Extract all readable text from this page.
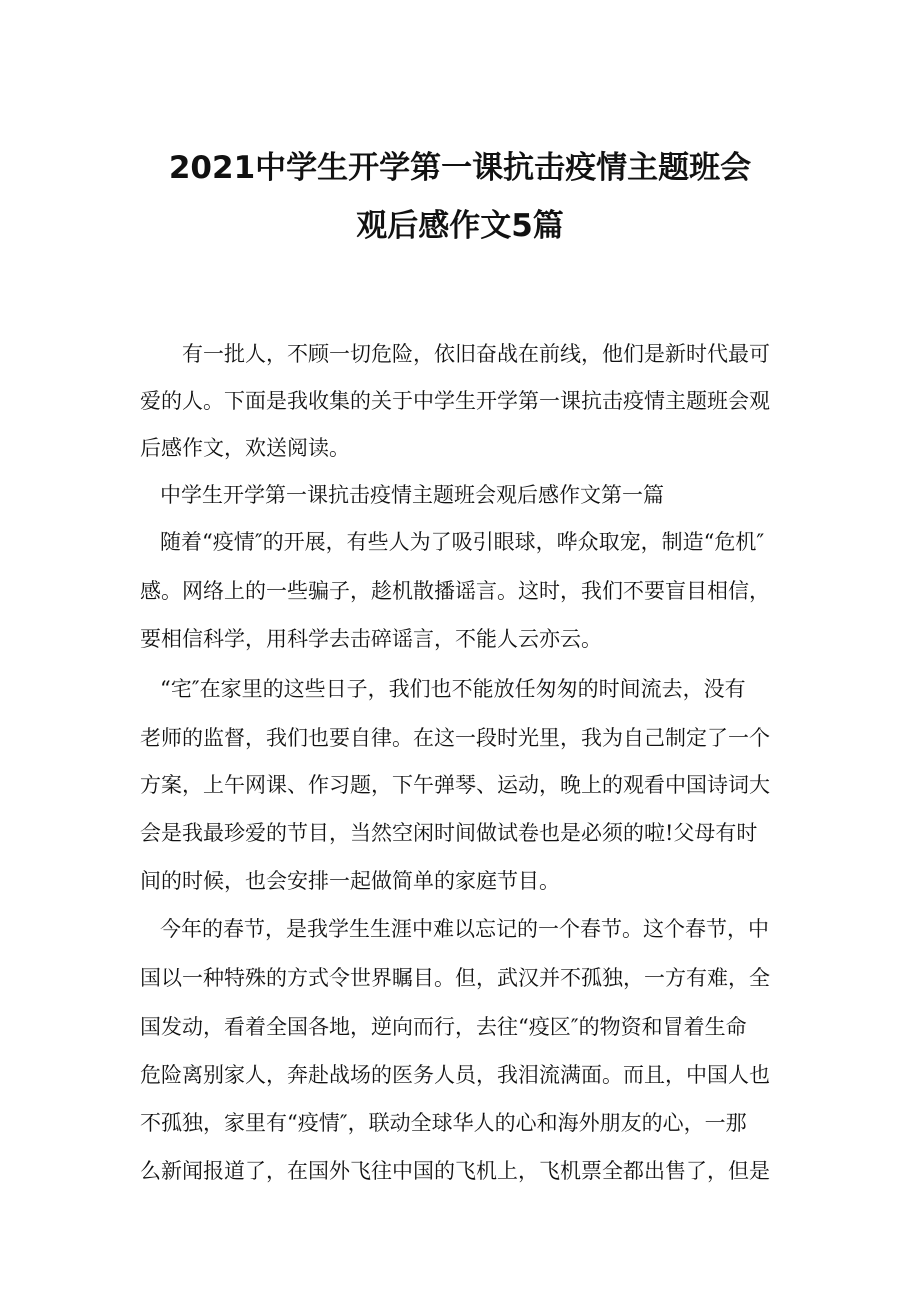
2021中学生开学第一课抗击疫情主题班会
观后感作文5篇
有一批人，不顾一切危险，依旧奋战在前线，他们是新时代最可
爱的人。下面是我收集的关于中学生开学第一课抗击疫情主题班会观
后感作文，欢送阅读。
中学生开学第一课抗击疫情主题班会观后感作文第一篇
随着“疫情″的开展，有些人为了吸引眼球，哗众取宠，制造“危机″
感。网络上的一些骗子，趁机散播谣言。这时，我们不要盲目相信，
要相信科学，用科学去击碎谣言，不能人云亦云。
“宅″在家里的这些日子，我们也不能放任匆匆的时间流去，没有
老师的监督，我们也要自律。在这一段时光里，我为自己制定了一个
方案，上午网课、作习题，下午弹琴、运动，晚上的观看中国诗词大
会是我最珍爱的节目，当然空闲时间做试卷也是必须的啦!父母有时
间的时候，也会安排一起做简单的家庭节目。
今年的春节，是我学生生涯中难以忘记的一个春节。这个春节，中
国以一种特殊的方式令世界瞩目。但，武汉并不孤独，一方有难，全
国发动，看着全国各地，逆向而行，去往“疫区″的物资和冒着生命
危险离别家人，奔赴战场的医务人员，我泪流满面。而且，中国人也
不孤独，家里有“疫情″，联动全球华人的心和海外朋友的心，一那
么新闻报道了，在国外飞往中国的飞机上，飞机票全都出售了，但是
